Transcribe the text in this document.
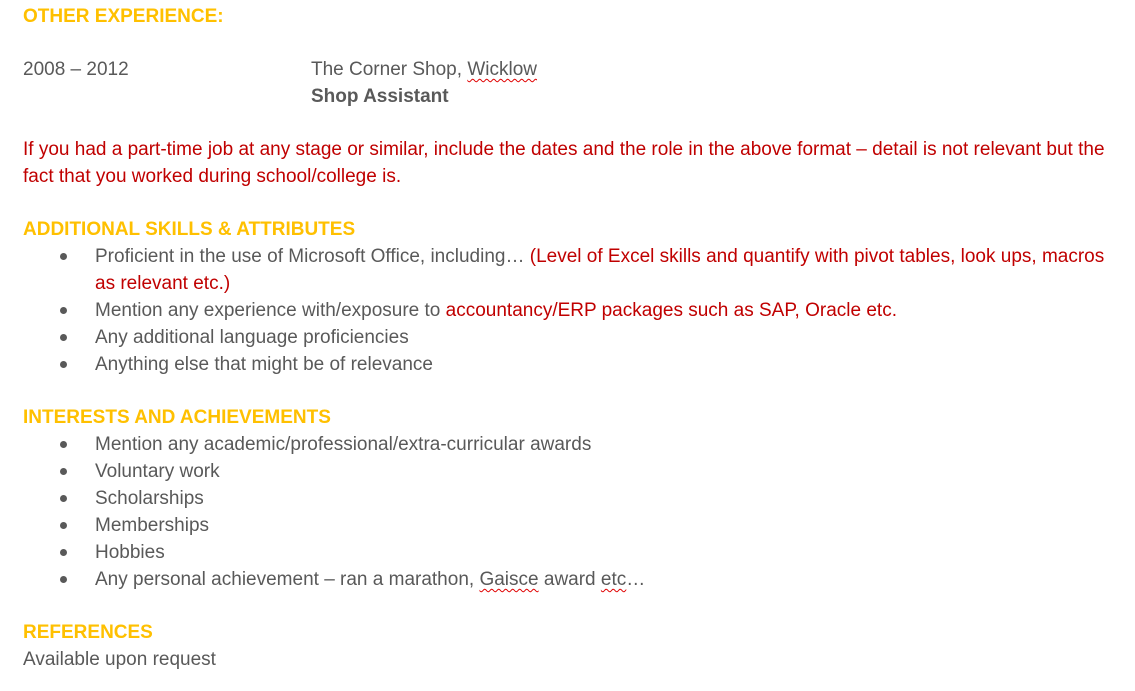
OTHER EXPERIENCE:
2008 – 2012	The Corner Shop, Wicklow
Shop Assistant
If you had a part-time job at any stage or similar, include the dates and the role in the above format – detail is not relevant but the fact that you worked during school/college is.
ADDITIONAL SKILLS & ATTRIBUTES
Proficient in the use of Microsoft Office, including… (Level of Excel skills and quantify with pivot tables, look ups, macros as relevant etc.)
Mention any experience with/exposure to accountancy/ERP packages such as SAP, Oracle etc.
Any additional language proficiencies
Anything else that might be of relevance
INTERESTS AND ACHIEVEMENTS
Mention any academic/professional/extra-curricular awards
Voluntary work
Scholarships
Memberships
Hobbies
Any personal achievement – ran a marathon, Gaisce award etc…
REFERENCES
Available upon request
